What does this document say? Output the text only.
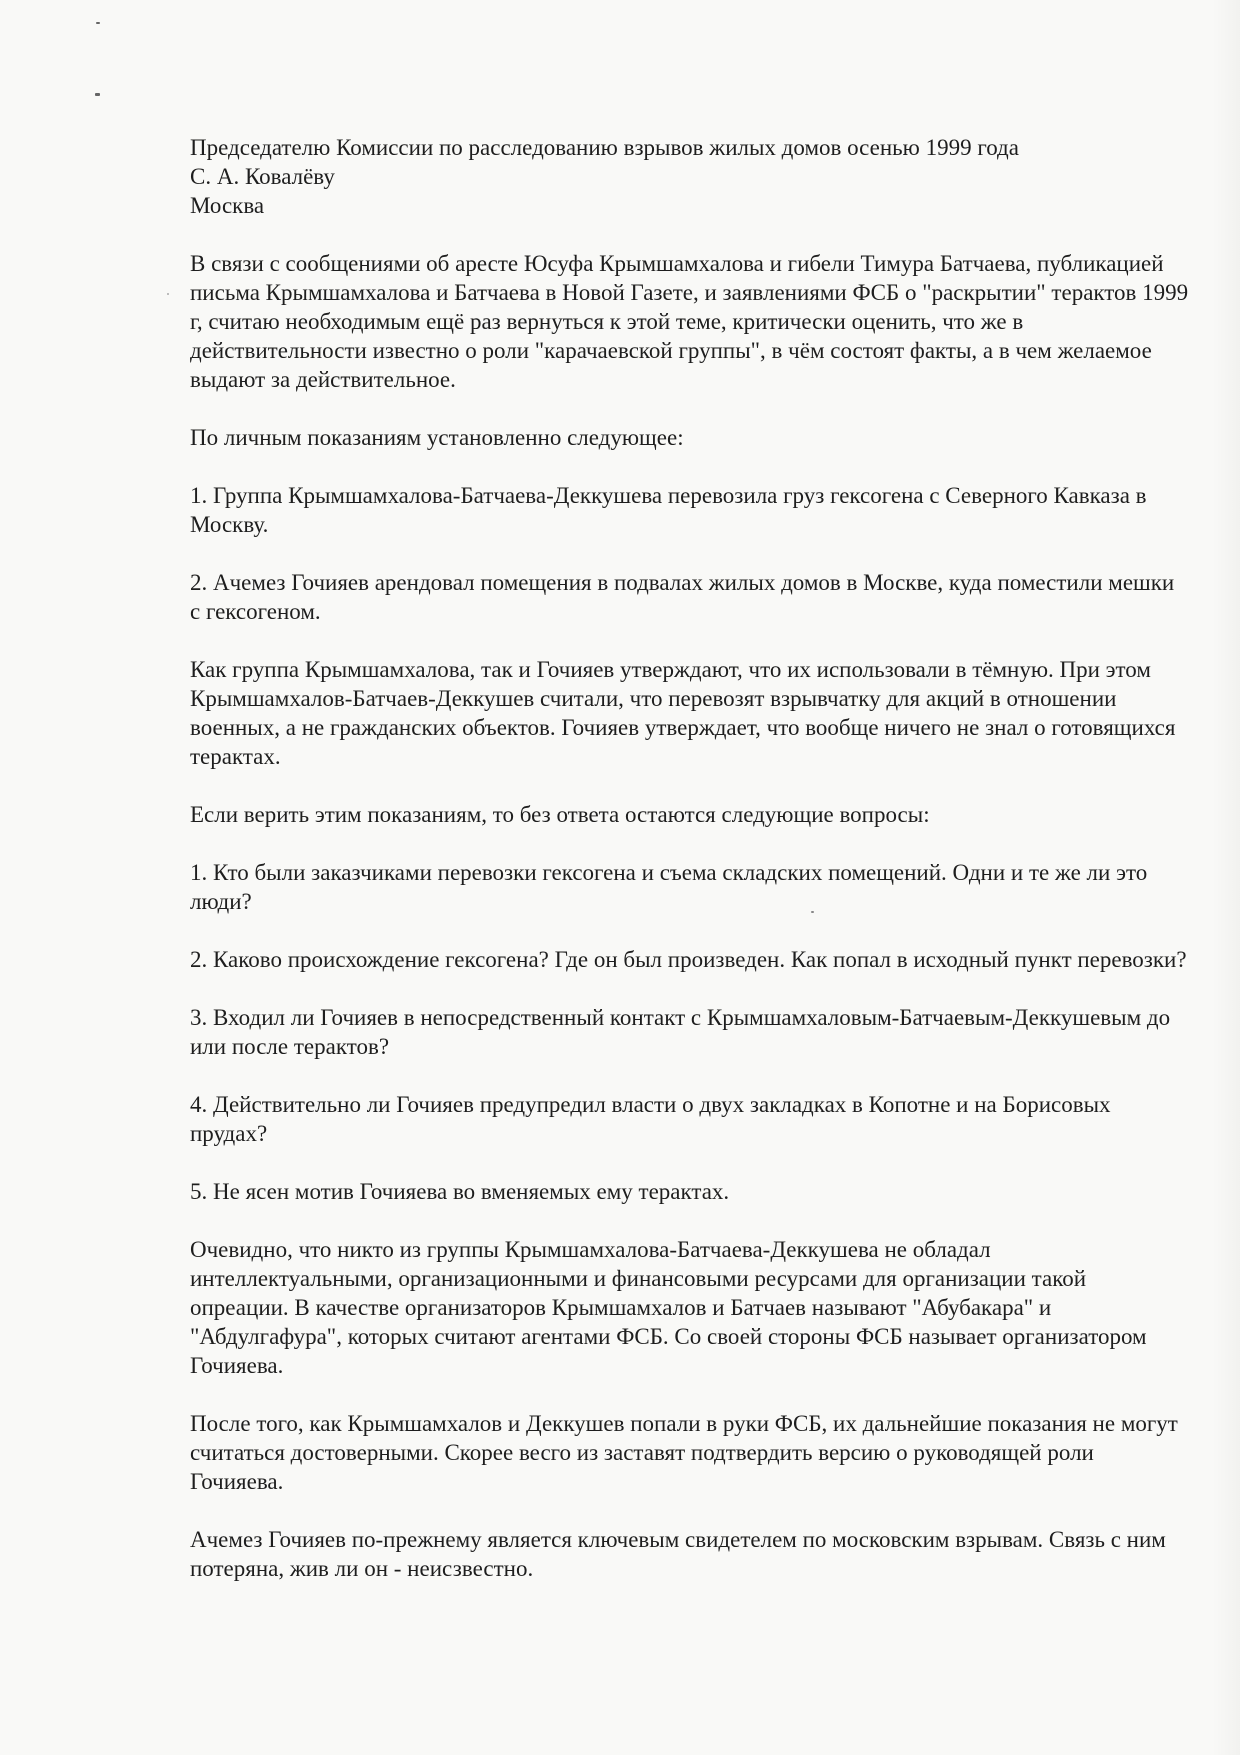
Председателю Комиссии по расследованию взрывов жилых домов осенью 1999 года

С. А. Ковалёву

Москва

В связи с сообщениями об аресте Юсуфа Крымшамхалова и гибели Тимура Батчаева, публикацией письма Крымшамхалова и Батчаева в Новой Газете, и заявлениями ФСБ о "раскрытии" терактов 1999 г, считаю необходимым ещё раз вернуться к этой теме, критически оценить, что же в действительности известно о роли "карачаевской группы", в чём состоят факты, а в чем желаемое выдают за действительное.

По личным показаниям установленно следующее:

1. Группа Крымшамхалова-Батчаева-Деккушева перевозила груз гексогена с Северного Кавказа в Москву.

2. Ачемез Гочияев арендовал помещения в подвалах жилых домов в Москве, куда поместили мешки с гексогеном.

Как группа Крымшамхалова, так и Гочияев утверждают, что их использовали в тёмную. При этом Крымшамхалов-Батчаев-Деккушев считали, что перевозят взрывчатку для акций в отношении военных, а не гражданских объектов. Гочияев утверждает, что вообще ничего не знал о готовящихся терактах.

Если верить этим показаниям, то без ответа остаются следующие вопросы:

1. Кто были заказчиками перевозки гексогена и съема складских помещений. Одни и те же ли это люди?

2. Каково происхождение гексогена? Где он был произведен. Как попал в исходный пункт перевозки?

3. Входил ли Гочияев в непосредственный контакт с Крымшамхаловым-Батчаевым-Деккушевым до или после терактов?

4. Действительно ли Гочияев предупредил власти о двух закладках в Копотне и на Борисовых прудах?

5. Не ясен мотив Гочияева во вменяемых ему терактах.

Очевидно, что никто из группы Крымшамхалова-Батчаева-Деккушева не обладал интеллектуальными, организационными и финансовыми ресурсами для организации такой опреации. В качестве организаторов Крымшамхалов и Батчаев называют "Абубакара" и "Абдулгафура", которых считают агентами ФСБ. Со своей стороны ФСБ называет организатором Гочияева.

После того, как Крымшамхалов и Деккушев попали в руки ФСБ, их дальнейшие показания не могут считаться достоверными. Скорее весго из заставят подтвердить версию о руководящей роли Гочияева.

Ачемез Гочияев по-прежнему является ключевым свидетелем по московским взрывам. Связь с ним потеряна, жив ли он - неисзвестно.
